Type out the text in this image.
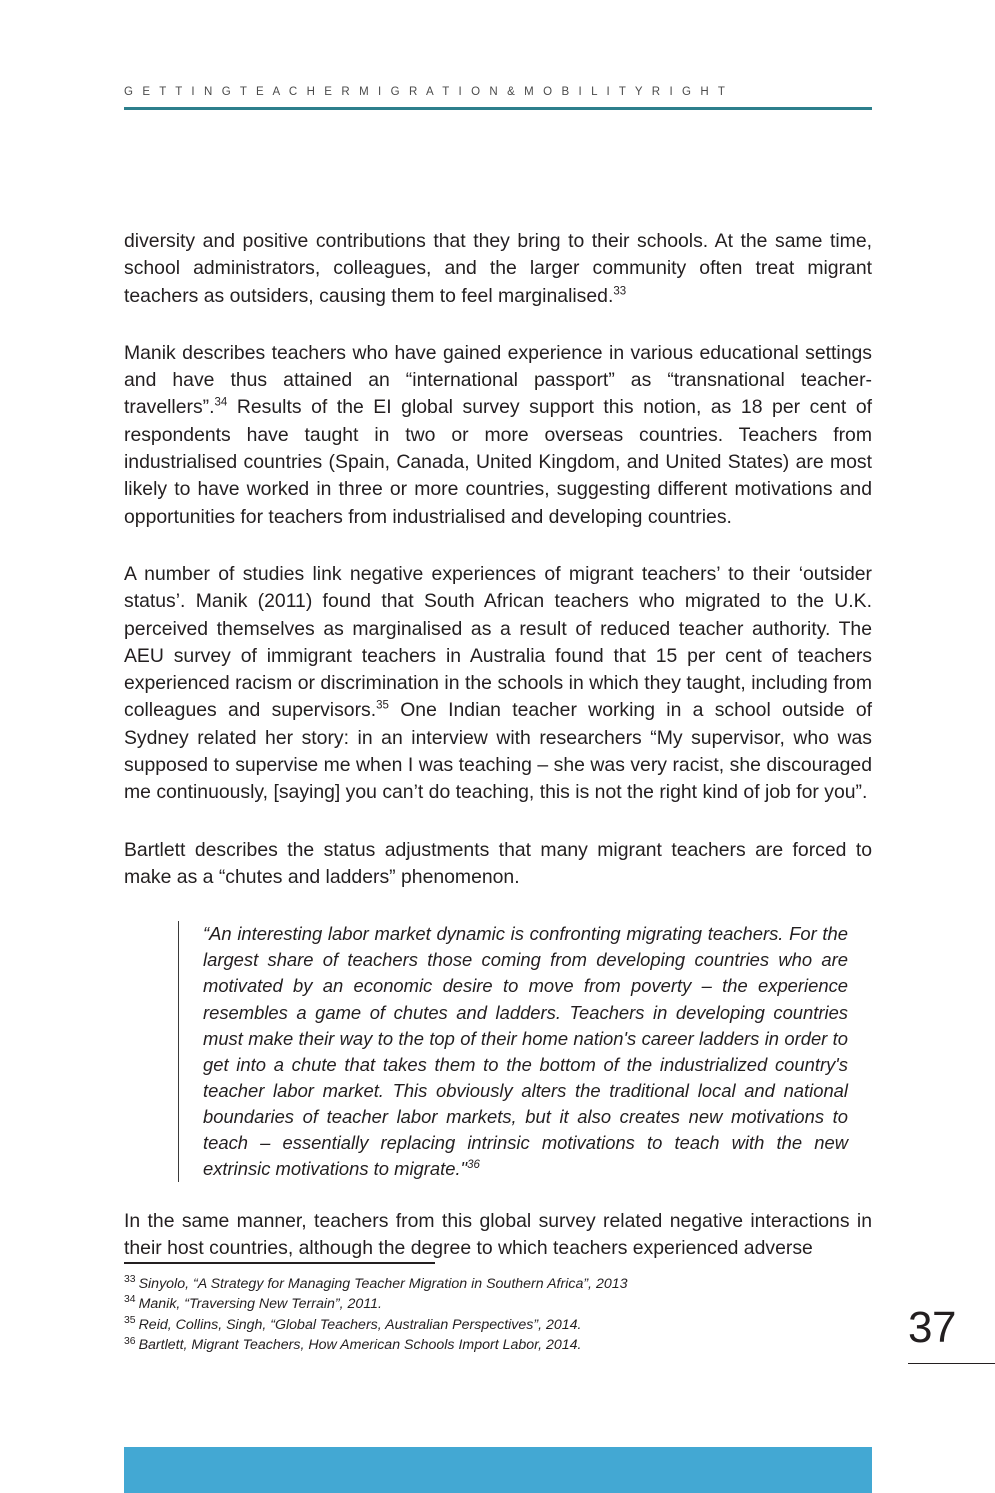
G E T T I N G T E A C H E R M I G R A T I O N & M O B I L I T Y R I G H T

diversity and positive contributions that they bring to their schools. At the same time, school administrators, colleagues, and the larger community often treat migrant teachers as outsiders, causing them to feel marginalised.$^{33}$

Manik describes teachers who have gained experience in various educational settings and have thus attained an “international passport” as “transnational teacher-travellers”.$^{34}$ Results of the EI global survey support this notion, as 18 per cent of respondents have taught in two or more overseas countries. Teachers from industrialised countries (Spain, Canada, United Kingdom, and United States) are most likely to have worked in three or more countries, suggesting different motivations and opportunities for teachers from industrialised and developing countries.

A number of studies link negative experiences of migrant teachers’ to their ‘outsider status’. Manik (2011) found that South African teachers who migrated to the U.K. perceived themselves as marginalised as a result of reduced teacher authority. The AEU survey of immigrant teachers in Australia found that 15 per cent of teachers experienced racism or discrimination in the schools in which they taught, including from colleagues and supervisors.$^{35}$ One Indian teacher working in a school outside of Sydney related her story: in an interview with researchers “My supervisor, who was supposed to supervise me when I was teaching – she was very racist, she discouraged me continuously, [saying] you can’t do teaching, this is not the right kind of job for you”.

Bartlett describes the status adjustments that many migrant teachers are forced to make as a “chutes and ladders” phenomenon.

“An interesting labor market dynamic is confronting migrating teachers. For the largest share of teachers those coming from developing countries who are motivated by an economic desire to move from poverty – the experience resembles a game of chutes and ladders. Teachers in developing countries must make their way to the top of their home nation's career ladders in order to get into a chute that takes them to the bottom of the industrialized country's teacher labor market. This obviously alters the traditional local and national boundaries of teacher labor markets, but it also creates new motivations to teach – essentially replacing intrinsic motivations to teach with the new extrinsic motivations to migrate."$^{36}$

In the same manner, teachers from this global survey related negative interactions in their host countries, although the degree to which teachers experienced adverse

$^{33}$ Sinyolo, “A Strategy for Managing Teacher Migration in Southern Africa”, 2013
$^{34}$ Manik, “Traversing New Terrain”, 2011.
$^{35}$ Reid, Collins, Singh, “Global Teachers, Australian Perspectives”, 2014.
$^{36}$ Bartlett, Migrant Teachers, How American Schools Import Labor, 2014.	37
